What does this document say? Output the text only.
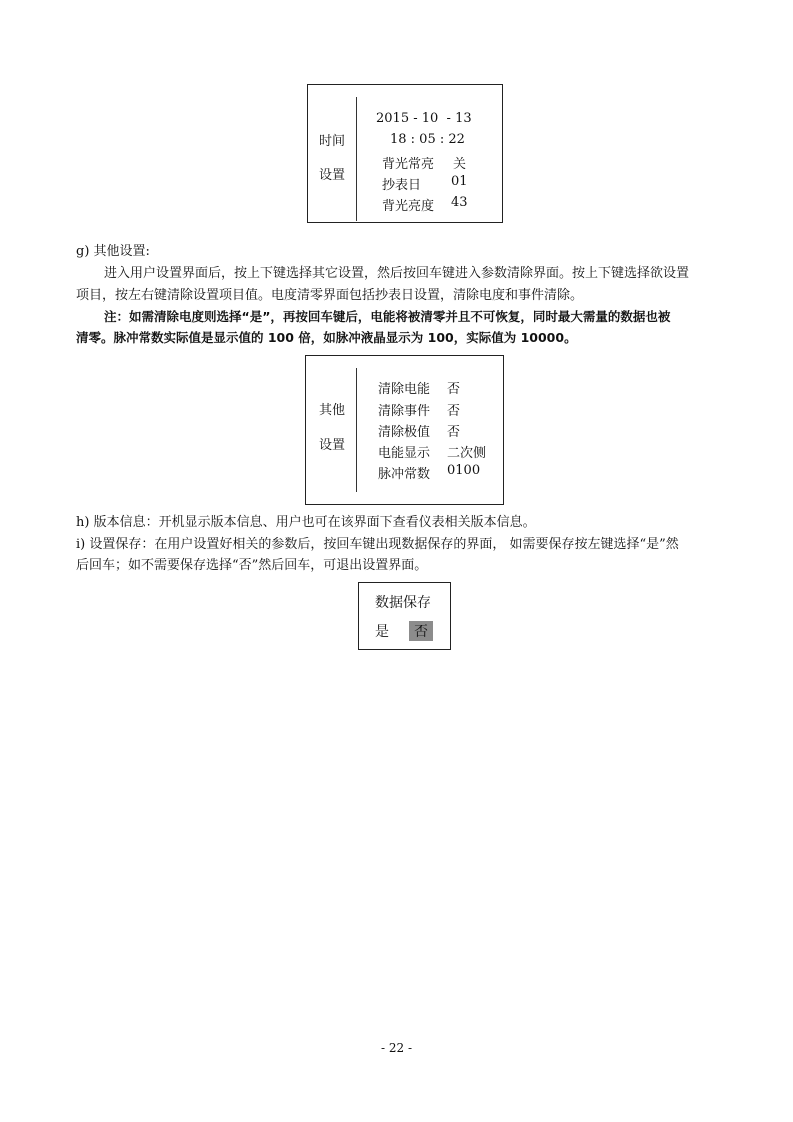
时间
设置
2015 - 10  - 13
18 : 05 : 22
背光常亮 关
抄表日 01
背光亮度 43
g) 其他设置:
进入用户设置界面后，按上下键选择其它设置，然后按回车键进入参数清除界面。按上下键选择欲设置
项目，按左右键清除设置项目值。电度清零界面包括抄表日设置，清除电度和事件清除。
注：如需清除电度则选择“是”，再按回车键后，电能将被清零并且不可恢复，同时最大需量的数据也被
清零。脉冲常数实际值是显示值的 100 倍，如脉冲液晶显示为 100，实际值为 10000。
其他
设置
清除电能 否
清除事件 否
清除极值 否
电能显示 二次侧
脉冲常数 0100
h) 版本信息：开机显示版本信息、用户也可在该界面下查看仪表相关版本信息。
i) 设置保存：在用户设置好相关的参数后，按回车键出现数据保存的界面， 如需要保存按左键选择“是”然
后回车；如不需要保存选择“否”然后回车，可退出设置界面。
数据保存
是	否
- 22 -
